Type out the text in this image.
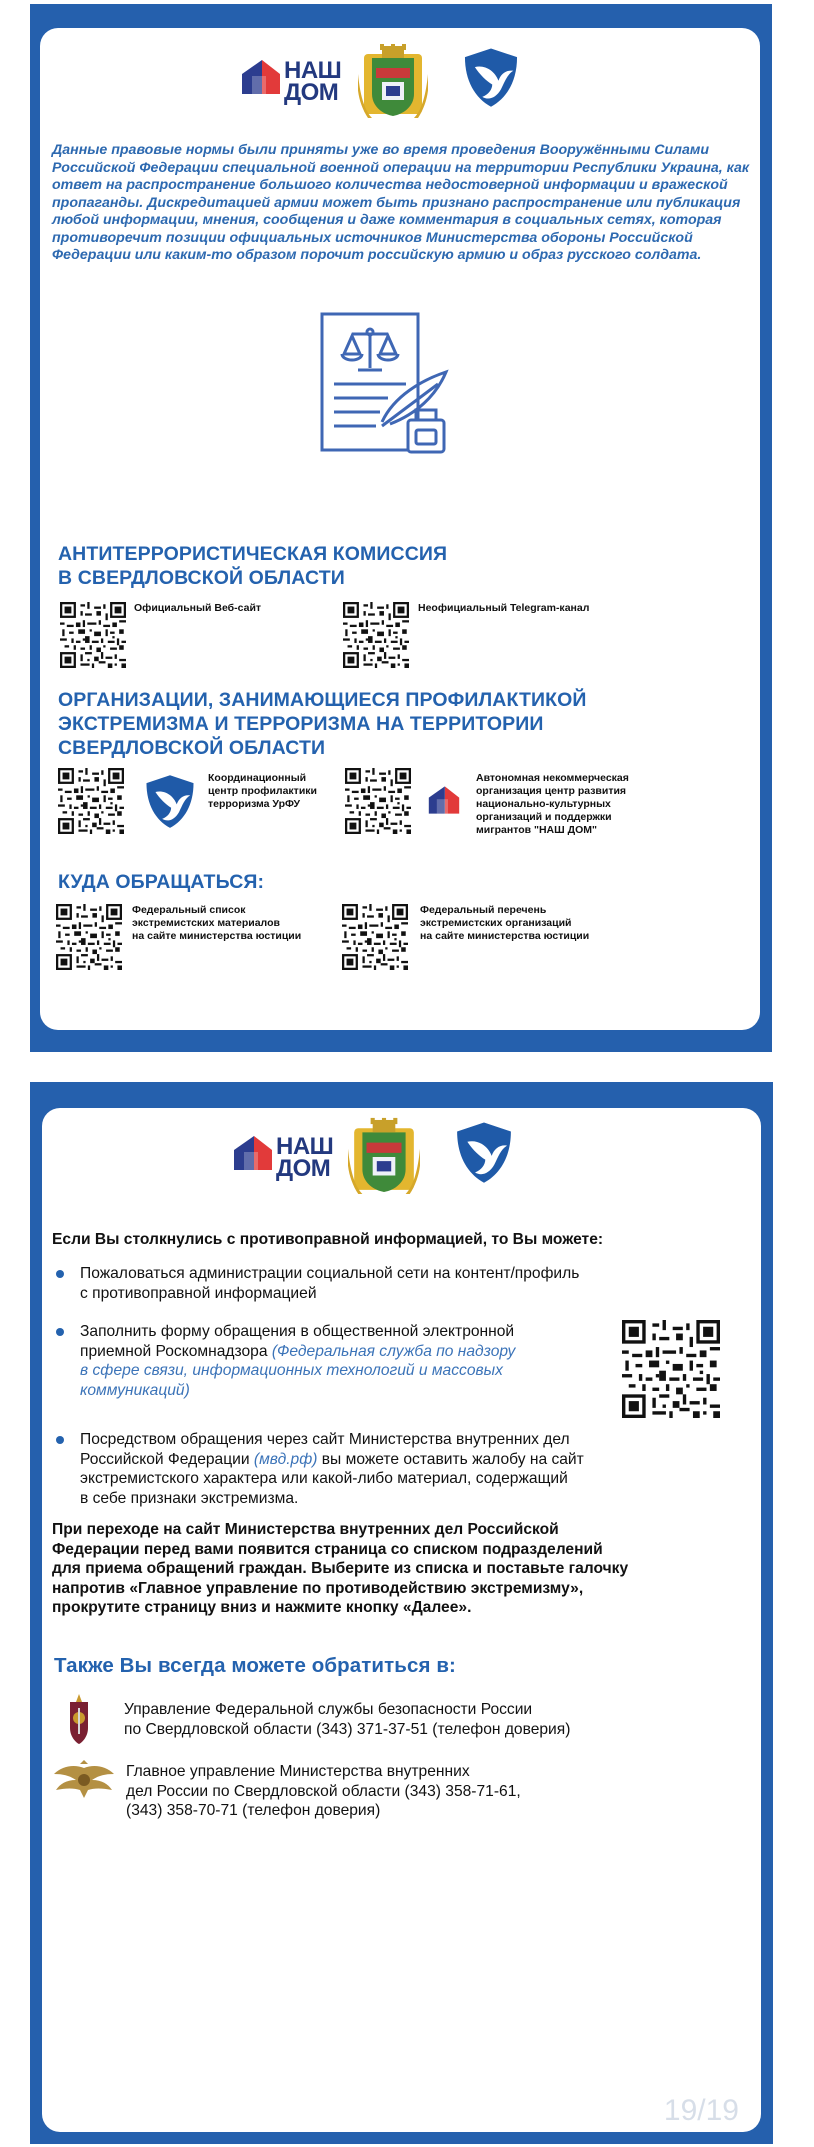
НАШ
ДОМ
Данные правовые нормы были приняты уже во время проведения Вооружёнными Силами Российской Федерации специальной военной операции на территории Республики Украина, как ответ на распространение большого количества недостоверной информации и вражеской пропаганды. Дискредитацией армии может быть признано распространение или публикация любой информации, мнения, сообщения и даже комментария в социальных сетях, которая противоречит позиции официальных источников Министерства обороны Российской Федерации или каким-то образом порочит российскую армию и образ русского солдата.
АНТИТЕРРОРИСТИЧЕСКАЯ КОМИССИЯ
В СВЕРДЛОВСКОЙ ОБЛАСТИ
Официальный Веб-сайт	Неофициальный Telegram-канал
ОРГАНИЗАЦИИ, ЗАНИМАЮЩИЕСЯ ПРОФИЛАКТИКОЙ
ЭКСТРЕМИЗМА И ТЕРРОРИЗМА НА ТЕРРИТОРИИ
СВЕРДЛОВСКОЙ ОБЛАСТИ
Координационный
центр профилактики
терроризма УрФУ
Автономная некоммерческая
организация центр развития
национально-культурных
организаций и поддержки
мигрантов "НАШ ДОМ"
КУДА ОБРАЩАТЬСЯ:
Федеральный список
экстремистских материалов
на сайте министерства юстиции
Федеральный перечень
экстремистских организаций
на сайте министерства юстиции
НАШ
ДОМ
Если Вы столкнулись с противоправной информацией, то Вы можете:
Пожаловаться администрации социальной сети на контент/профиль
с противоправной информацией
Заполнить форму обращения в общественной электронной
приемной Роскомнадзора (Федеральная служба по надзору
в сфере связи, информационных технологий и массовых
коммуникаций)
Посредством обращения через сайт Министерства внутренних дел
Российской Федерации (мвд.рф) вы можете оставить жалобу на сайт
экстремистского характера или какой-либо материал, содержащий
в себе признаки экстремизма.
При переходе на сайт Министерства внутренних дел Российской
Федерации перед вами появится страница со списком подразделений
для приема обращений граждан. Выберите из списка и поставьте галочку
напротив «Главное управление по противодействию экстремизму»,
прокрутите страницу вниз и нажмите кнопку «Далее».
Также Вы всегда можете обратиться в:
Управление Федеральной службы безопасности России
по Свердловской области (343) 371-37-51 (телефон доверия)
Главное управление Министерства внутренних
дел России по Свердловской области (343) 358-71-61,
(343) 358-70-71 (телефон доверия)
19/19
